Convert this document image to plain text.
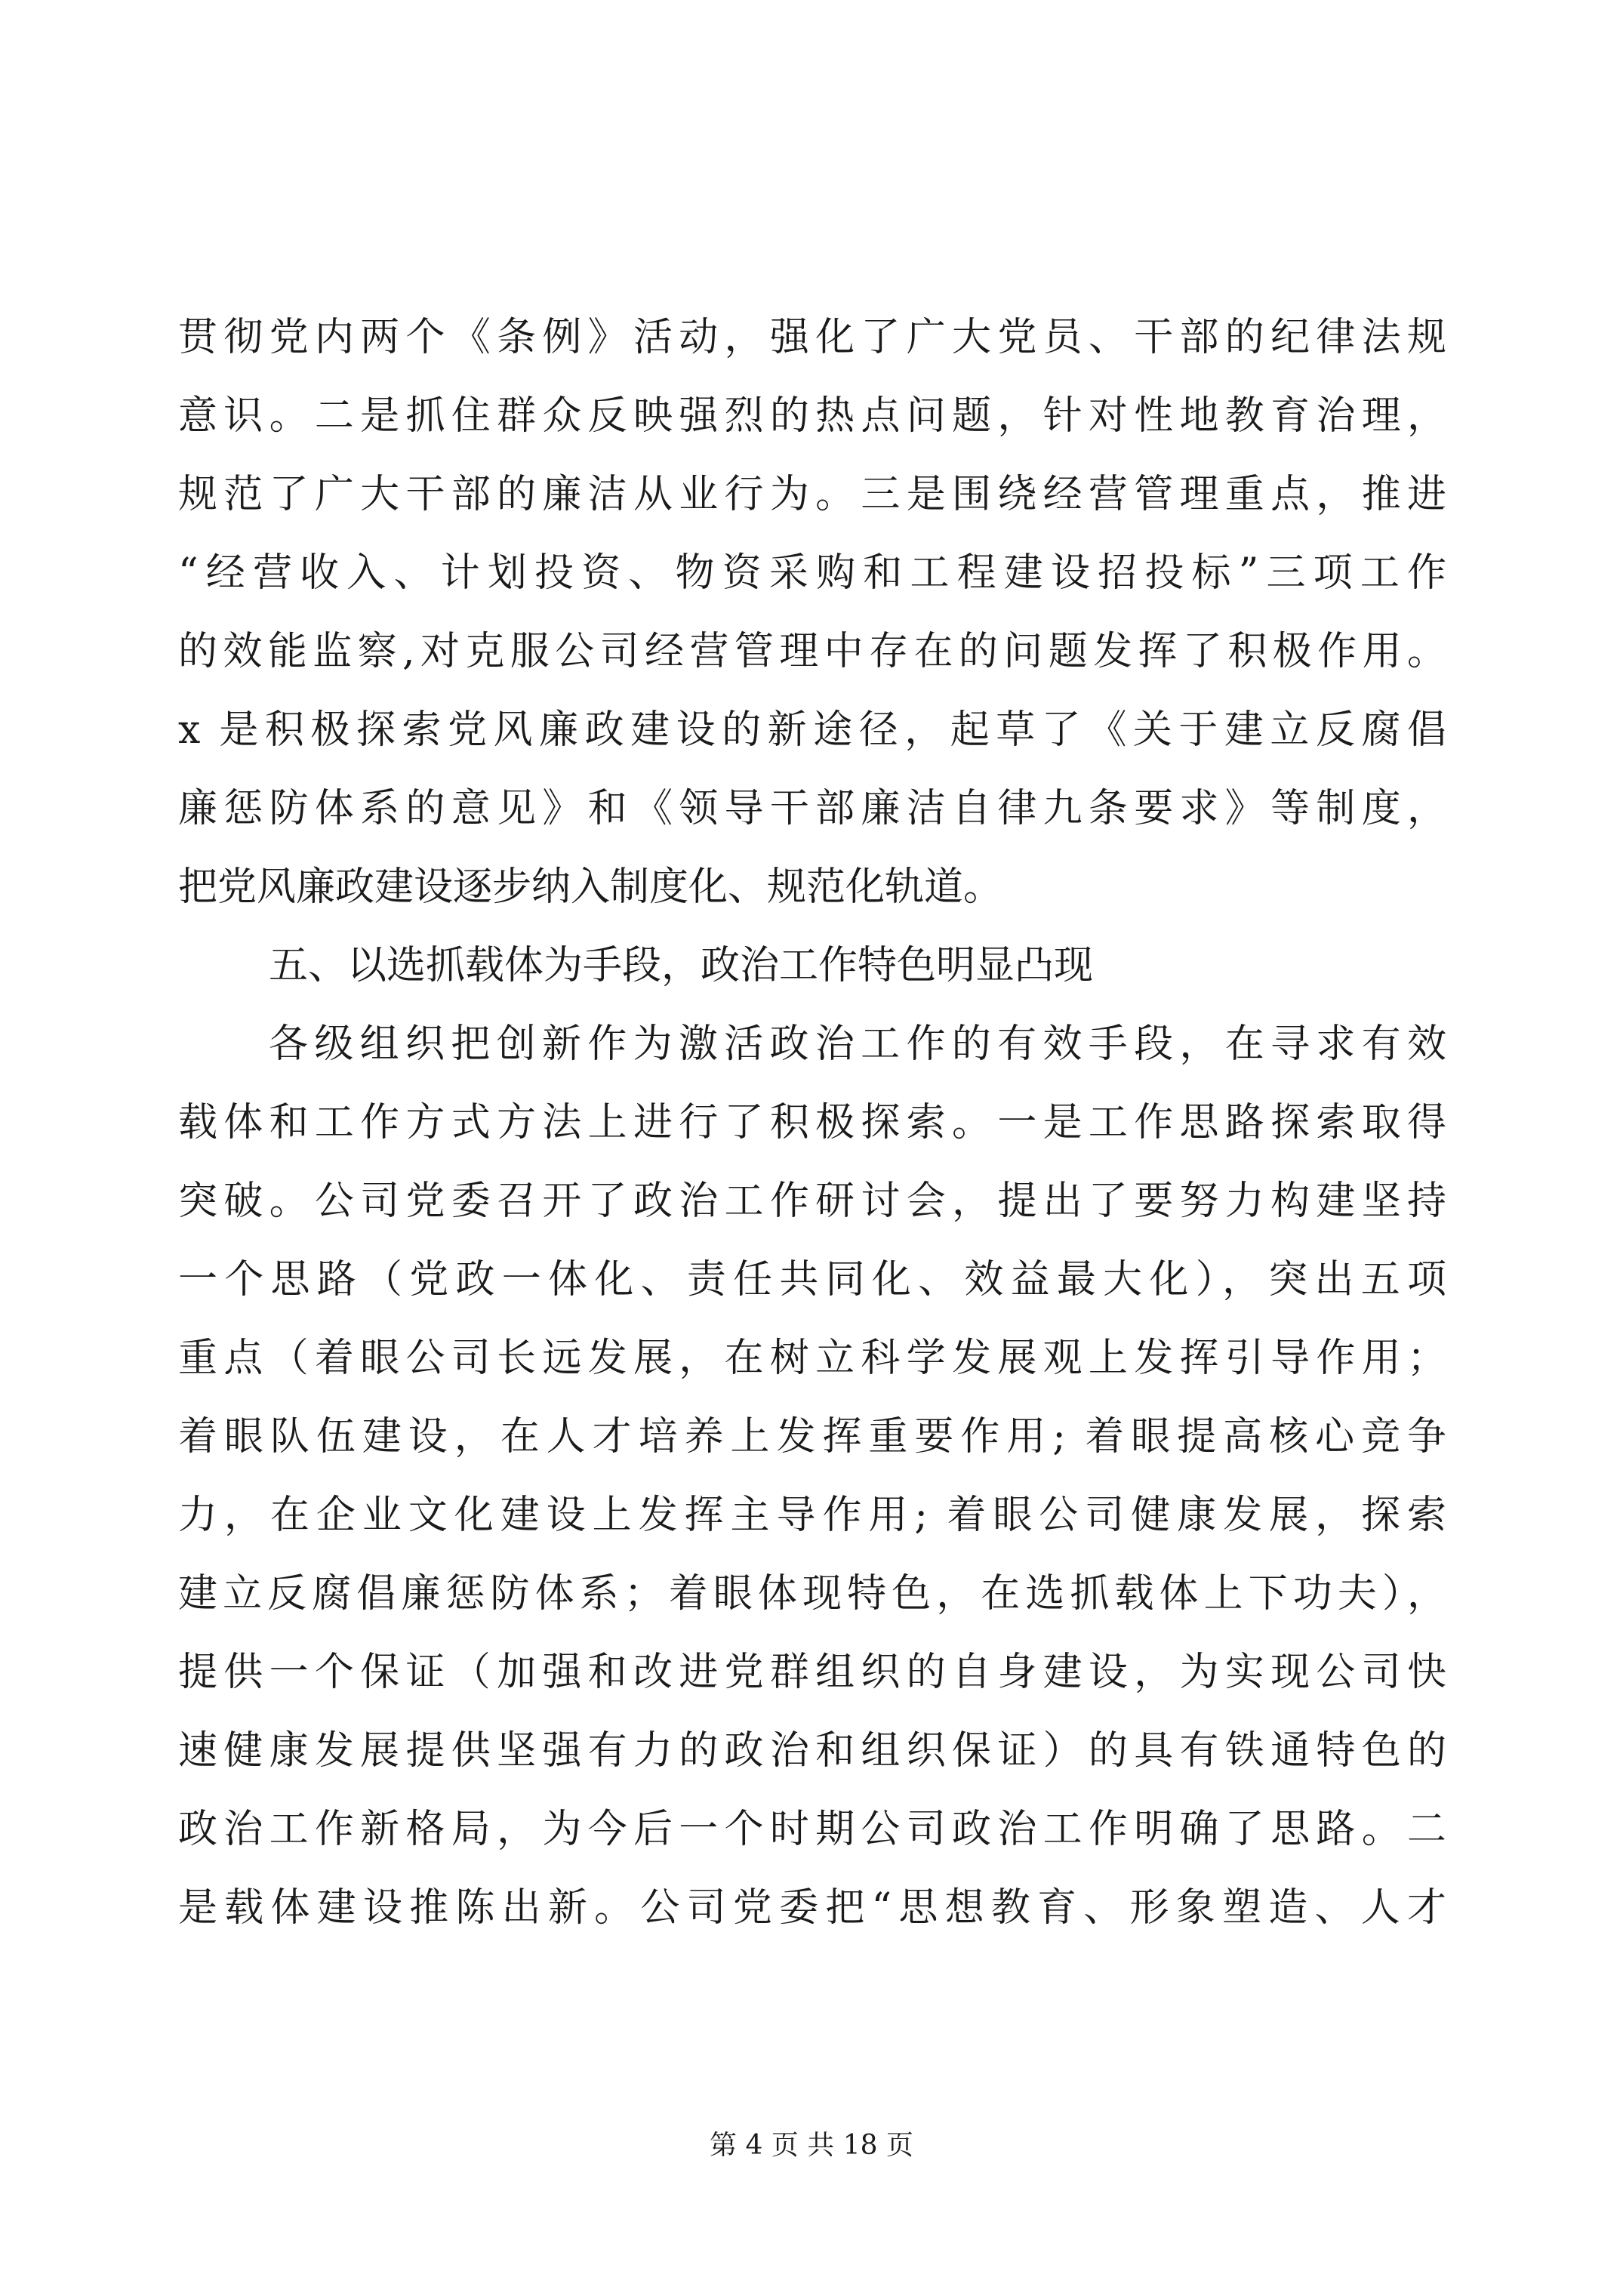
贯彻党内两个《条例》活动，强化了广大党员、干部的纪律法规
意识。二是抓住群众反映强烈的热点问题，针对性地教育治理，
规范了广大干部的廉洁从业行为。三是围绕经营管理重点，推进
“经营收入、计划投资、物资采购和工程建设招投标”三项工作
的效能监察,对克服公司经营管理中存在的问题发挥了积极作用。
x 是积极探索党风廉政建设的新途径，起草了《关于建立反腐倡
廉惩防体系的意见》和《领导干部廉洁自律九条要求》等制度，
把党风廉政建设逐步纳入制度化、规范化轨道。
五、以选抓载体为手段，政治工作特色明显凸现
各级组织把创新作为激活政治工作的有效手段，在寻求有效
载体和工作方式方法上进行了积极探索。一是工作思路探索取得
突破。公司党委召开了政治工作研讨会，提出了要努力构建坚持
一个思路（党政一体化、责任共同化、效益最大化），突出五项
重点（着眼公司长远发展，在树立科学发展观上发挥引导作用；
着眼队伍建设，在人才培养上发挥重要作用; 着眼提高核心竞争
力，在企业文化建设上发挥主导作用; 着眼公司健康发展，探索
建立反腐倡廉惩防体系；着眼体现特色，在选抓载体上下功夫），
提供一个保证（加强和改进党群组织的自身建设，为实现公司快
速健康发展提供坚强有力的政治和组织保证）的具有铁通特色的
政治工作新格局，为今后一个时期公司政治工作明确了思路。二
是载体建设推陈出新。公司党委把“思想教育、形象塑造、人才
第 4 页 共 18 页
